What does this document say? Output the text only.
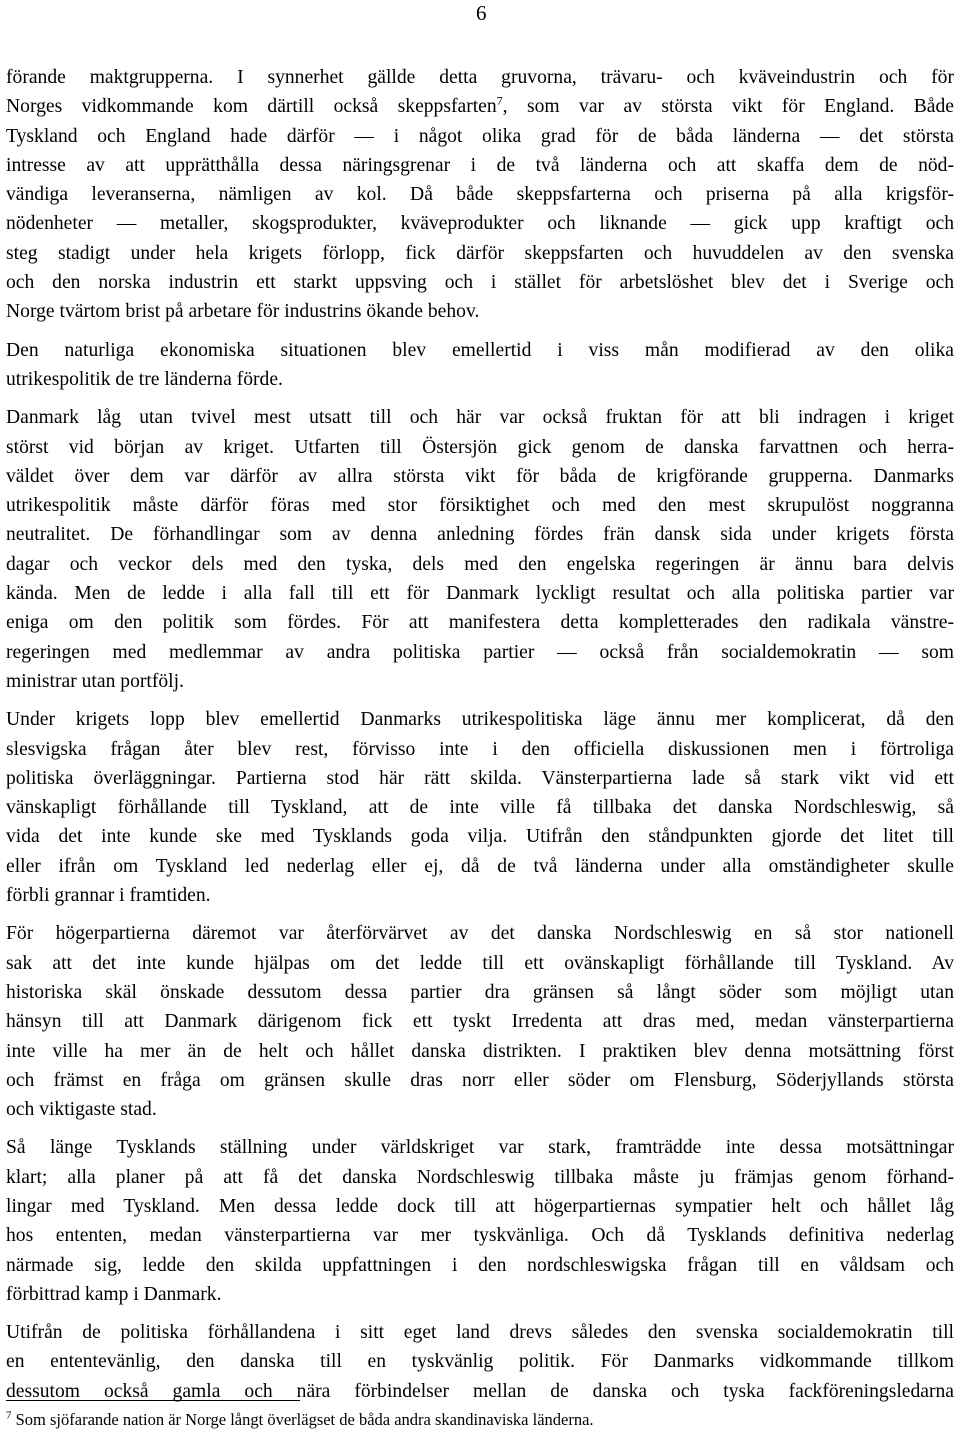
6

förande maktgrupperna. I synnerhet gällde detta gruvorna, trävaru- och kväveindustrin och för
Norges vidkommande kom därtill också skeppsfarten$^7$, som var av största vikt för England. Både
Tyskland och England hade därför — i något olika grad för de båda länderna — det största
intresse av att upprätthålla dessa näringsgrenar i de två länderna och att skaffa dem de nöd-
vändiga leveranserna, nämligen av kol. Då både skeppsfarterna och priserna på alla krigsför-
nödenheter — metaller, skogsprodukter, kväveprodukter och liknande — gick upp kraftigt och
steg stadigt under hela krigets förlopp, fick därför skeppsfarten och huvuddelen av den svenska
och den norska industrin ett starkt uppsving och i stället för arbetslöshet blev det i Sverige och
Norge tvärtom brist på arbetare för industrins ökande behov.

Den naturliga ekonomiska situationen blev emellertid i viss mån modifierad av den olika
utrikespolitik de tre länderna förde.

Danmark låg utan tvivel mest utsatt till och här var också fruktan för att bli indragen i kriget
störst vid början av kriget. Utfarten till Östersjön gick genom de danska farvattnen och herra-
väldet över dem var därför av allra största vikt för båda de krigförande grupperna. Danmarks
utrikespolitik måste därför föras med stor försiktighet och med den mest skrupulöst noggranna
neutralitet. De förhandlingar som av denna anledning fördes frän dansk sida under krigets första
dagar och veckor dels med den tyska, dels med den engelska regeringen är ännu bara delvis
kända. Men de ledde i alla fall till ett för Danmark lyckligt resultat och alla politiska partier var
eniga om den politik som fördes. För att manifestera detta kompletterades den radikala vänstre-
regeringen med medlemmar av andra politiska partier — också från socialdemokratin — som
ministrar utan portfölj.

Under krigets lopp blev emellertid Danmarks utrikespolitiska läge ännu mer komplicerat, då den
slesvigska frågan åter blev rest, förvisso inte i den officiella diskussionen men i förtroliga
politiska överläggningar. Partierna stod här rätt skilda. Vänsterpartierna lade så stark vikt vid ett
vänskapligt förhållande till Tyskland, att de inte ville få tillbaka det danska Nordschleswig, så
vida det inte kunde ske med Tysklands goda vilja. Utifrån den ståndpunkten gjorde det litet till
eller ifrån om Tyskland led nederlag eller ej, då de två länderna under alla omständigheter skulle
förbli grannar i framtiden.

För högerpartierna däremot var återförvärvet av det danska Nordschleswig en så stor nationell
sak att det inte kunde hjälpas om det ledde till ett ovänskapligt förhållande till Tyskland. Av
historiska skäl önskade dessutom dessa partier dra gränsen så långt söder som möjligt utan
hänsyn till att Danmark därigenom fick ett tyskt Irredenta att dras med, medan vänsterpartierna
inte ville ha mer än de helt och hållet danska distrikten. I praktiken blev denna motsättning först
och främst en fråga om gränsen skulle dras norr eller söder om Flensburg, Söderjyllands största
och viktigaste stad.

Så länge Tysklands ställning under världskriget var stark, framträdde inte dessa motsättningar
klart; alla planer på att få det danska Nordschleswig tillbaka måste ju främjas genom förhand-
lingar med Tyskland. Men dessa ledde dock till att högerpartiernas sympatier helt och hållet låg
hos ententen, medan vänsterpartierna var mer tyskvänliga. Och då Tysklands definitiva nederlag
närmade sig, ledde den skilda uppfattningen i den nordschleswigska frågan till en våldsam och
förbittrad kamp i Danmark.

Utifrån de politiska förhållandena i sitt eget land drevs således den svenska socialdemokratin till
en ententevänlig, den danska till en tyskvänlig politik. För Danmarks vidkommande tillkom
dessutom också gamla och nära förbindelser mellan de danska och tyska fackföreningsledarna

$^7$ Som sjöfarande nation är Norge långt överlägset de båda andra skandinaviska länderna.
